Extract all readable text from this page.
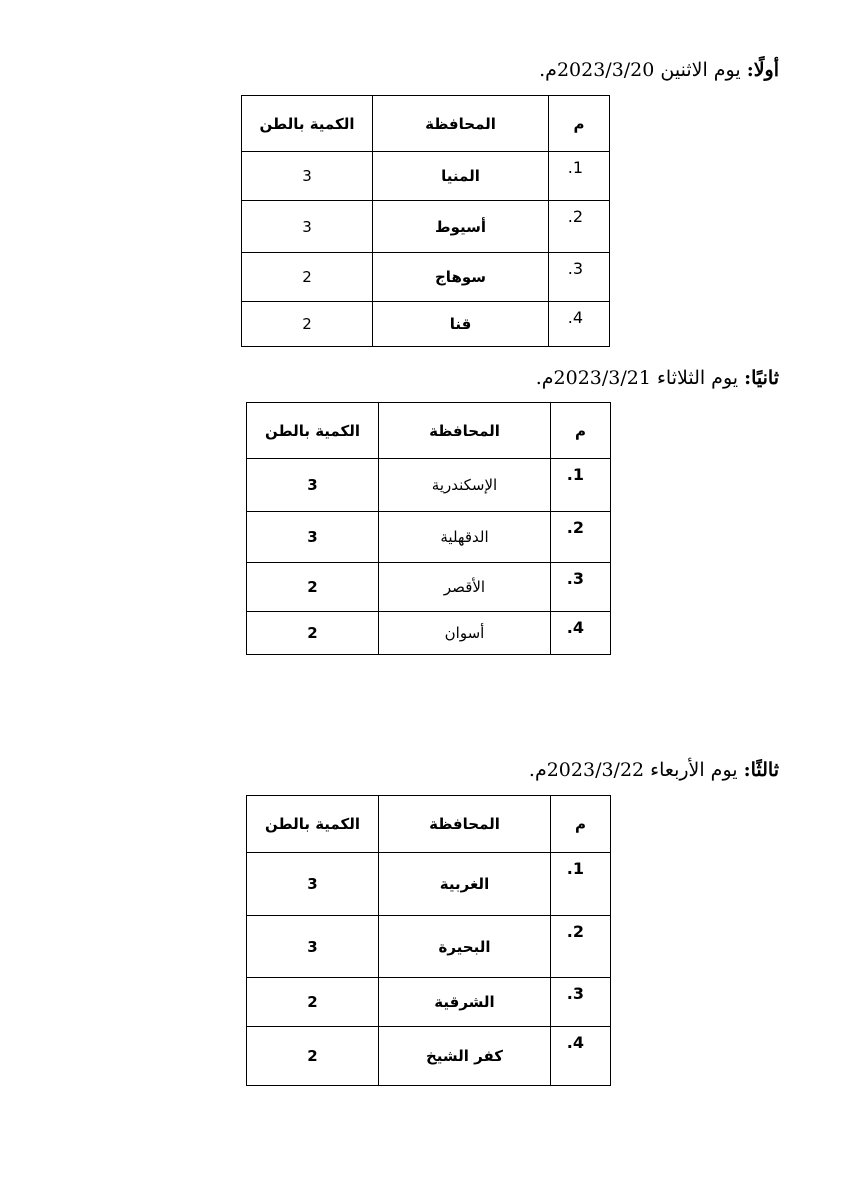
أولًا: يوم الاثنين 2023/3/20م.
م	المحافظة	الكمية بالطن
1.	المنيا	3
2.	أسيوط	3
3.	سوهاج	2
4.	قنا	2
ثانيًا: يوم الثلاثاء 2023/3/21م.
م	المحافظة	الكمية بالطن
1.	الإسكندرية	3
2.	الدقهلية	3
3.	الأقصر	2
4.	أسوان	2
ثالثًا: يوم الأربعاء 2023/3/22م.
م	المحافظة	الكمية بالطن
1.	الغربية	3
2.	البحيرة	3
3.	الشرقية	2
4.	كفر الشيخ	2
